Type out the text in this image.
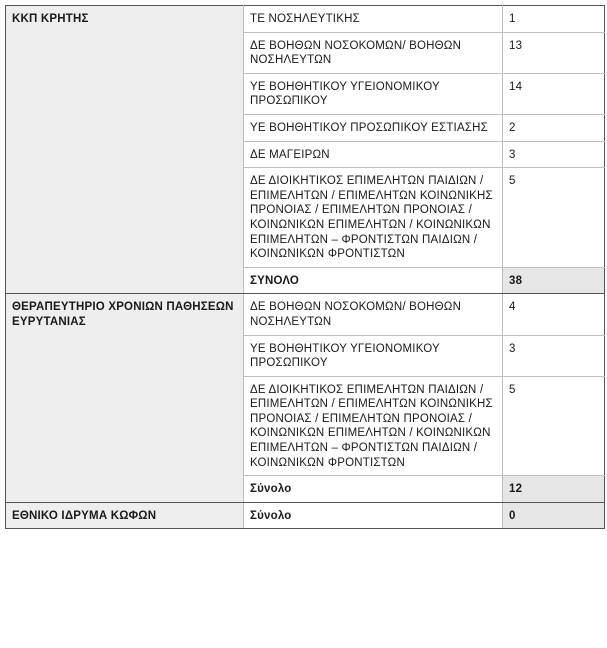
ΚΚΠ ΚΡΗΤΗΣ	ΤΕ ΝΟΣΗΛΕΥΤΙΚΗΣ	1
	ΔΕ ΒΟΗΘΩΝ ΝΟΣΟΚΟΜΩΝ/ ΒΟΗΘΩΝ ΝΟΣΗΛΕΥΤΩΝ	13
	ΥΕ ΒΟΗΘΗΤΙΚΟΥ ΥΓΕΙΟΝΟΜΙΚΟΥ ΠΡΟΣΩΠΙΚΟΥ	14
	ΥΕ ΒΟΗΘΗΤΙΚΟΥ ΠΡΟΣΩΠΙΚΟΥ ΕΣΤΙΑΣΗΣ	2
	ΔΕ ΜΑΓΕΙΡΩΝ	3
	ΔΕ ΔΙΟΙΚΗΤΙΚΟΣ ΕΠΙΜΕΛΗΤΩΝ ΠΑΙΔΙΩΝ / ΕΠΙΜΕΛΗΤΩΝ / ΕΠΙΜΕΛΗΤΩΝ ΚΟΙΝΩΝΙΚΗΣ ΠΡΟΝΟΙΑΣ / ΕΠΙΜΕΛΗΤΩΝ ΠΡΟΝΟΙΑΣ / ΚΟΙΝΩΝΙΚΩΝ ΕΠΙΜΕΛΗΤΩΝ / ΚΟΙΝΩΝΙΚΩΝ ΕΠΙΜΕΛΗΤΩΝ – ΦΡΟΝΤΙΣΤΩΝ ΠΑΙΔΙΩΝ / ΚΟΙΝΩΝΙΚΩΝ ΦΡΟΝΤΙΣΤΩΝ	5
	ΣΥΝΟΛΟ	38
ΘΕΡΑΠΕΥΤΗΡΙΟ ΧΡΟΝΙΩΝ ΠΑΘΗΣΕΩΝ ΕΥΡΥΤΑΝΙΑΣ	ΔΕ ΒΟΗΘΩΝ ΝΟΣΟΚΟΜΩΝ/ ΒΟΗΘΩΝ ΝΟΣΗΛΕΥΤΩΝ	4
	ΥΕ ΒΟΗΘΗΤΙΚΟΥ ΥΓΕΙΟΝΟΜΙΚΟΥ ΠΡΟΣΩΠΙΚΟΥ	3
	ΔΕ ΔΙΟΙΚΗΤΙΚΟΣ ΕΠΙΜΕΛΗΤΩΝ ΠΑΙΔΙΩΝ / ΕΠΙΜΕΛΗΤΩΝ / ΕΠΙΜΕΛΗΤΩΝ ΚΟΙΝΩΝΙΚΗΣ ΠΡΟΝΟΙΑΣ / ΕΠΙΜΕΛΗΤΩΝ ΠΡΟΝΟΙΑΣ / ΚΟΙΝΩΝΙΚΩΝ ΕΠΙΜΕΛΗΤΩΝ / ΚΟΙΝΩΝΙΚΩΝ ΕΠΙΜΕΛΗΤΩΝ – ΦΡΟΝΤΙΣΤΩΝ ΠΑΙΔΙΩΝ / ΚΟΙΝΩΝΙΚΩΝ ΦΡΟΝΤΙΣΤΩΝ	5
	Σύνολο	12
ΕΘΝΙΚΟ ΙΔΡΥΜΑ ΚΩΦΩΝ	Σύνολο	0
